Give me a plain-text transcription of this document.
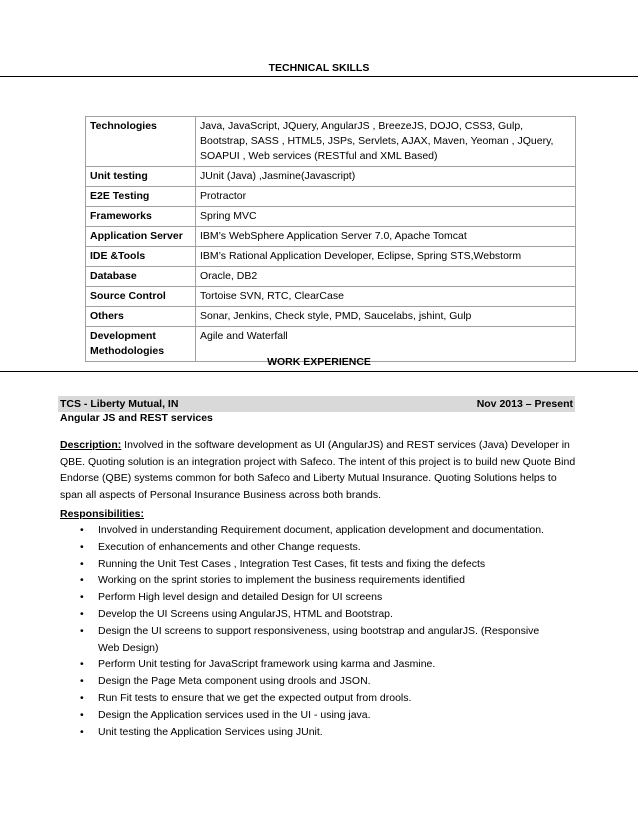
TECHNICAL SKILLS
Technologies	Java, JavaScript, JQuery, AngularJS , BreezeJS, DOJO, CSS3, Gulp, Bootstrap, SASS , HTML5, JSPs, Servlets, AJAX, Maven, Yeoman , JQuery, SOAPUI , Web services (RESTful and XML Based)
Unit testing	JUnit (Java) ,Jasmine(Javascript)
E2E Testing	Protractor
Frameworks	Spring MVC
Application Server	IBM’s WebSphere Application Server 7.0, Apache Tomcat
IDE &Tools	IBM’s Rational Application Developer, Eclipse, Spring STS,Webstorm
Database	Oracle, DB2
Source Control	Tortoise SVN, RTC, ClearCase
Others	Sonar, Jenkins, Check style, PMD, Saucelabs, jshint, Gulp
Development Methodologies	Agile and Waterfall
WORK EXPERIENCE
TCS - Liberty Mutual, IN	Nov 2013 – Present
Angular JS and REST services
Description: Involved in the software development as UI (AngularJS) and REST services (Java) Developer in QBE. Quoting solution is an integration project with Safeco. The intent of this project is to build new Quote Bind Endorse (QBE) systems common for both Safeco and Liberty Mutual Insurance. Quoting Solutions helps to span all aspects of Personal Insurance Business across both brands.
Responsibilities:
• Involved in understanding Requirement document, application development and documentation.
• Execution of enhancements and other Change requests.
• Running the Unit Test Cases , Integration Test Cases, fit tests and fixing the defects
• Working on the sprint stories to implement the business requirements identified
• Perform High level design and detailed Design for UI screens
• Develop the UI Screens using AngularJS, HTML and Bootstrap.
• Design the UI screens to support responsiveness, using bootstrap and angularJS. (Responsive Web Design)
• Perform Unit testing for JavaScript framework using karma and Jasmine.
• Design the Page Meta component using drools and JSON.
• Run Fit tests to ensure that we get the expected output from drools.
• Design the Application services used in the UI - using java.
• Unit testing the Application Services using JUnit.
